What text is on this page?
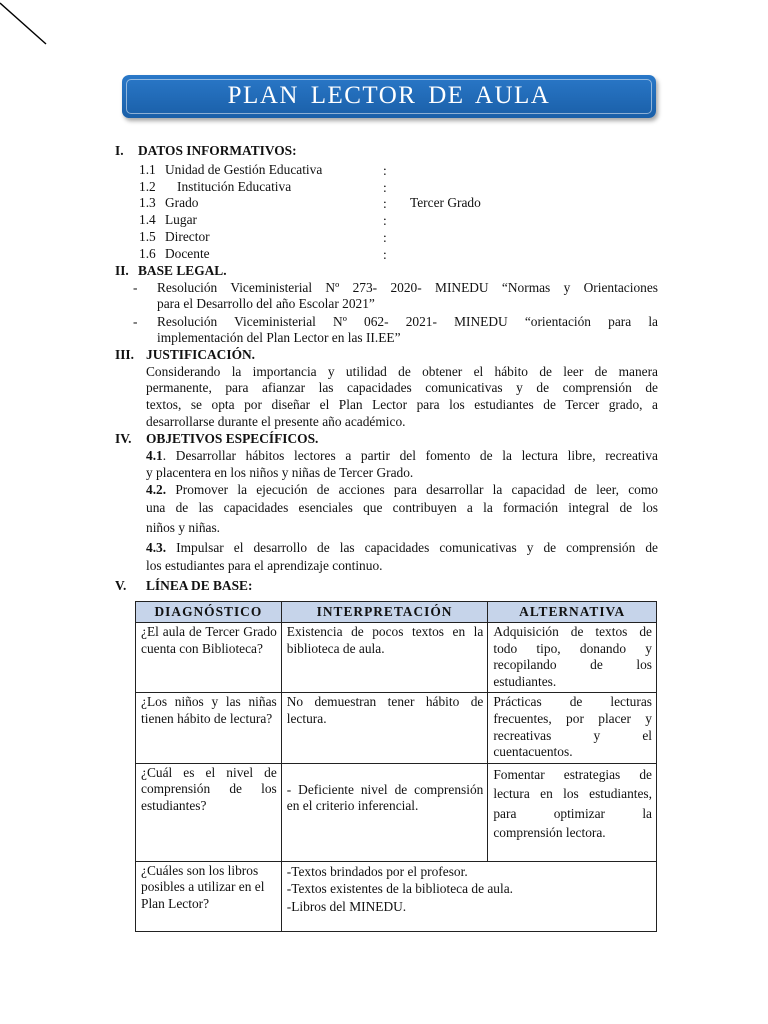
PLAN LECTOR DE AULA
I. DATOS INFORMATIVOS:
1.1 Unidad de Gestión Educativa	:
1.2 Institución Educativa	:
1.3 Grado	: Tercer Grado
1.4 Lugar	:
1.5 Director	:
1.6 Docente	:
II. BASE LEGAL.
- Resolución Viceministerial Nº 273- 2020- MINEDU “Normas y Orientaciones
para el Desarrollo del año Escolar 2021”
- Resolución Viceministerial Nº 062- 2021- MINEDU “orientación para la
implementación del Plan Lector en las II.EE”
III. JUSTIFICACIÓN.
Considerando la importancia y utilidad de obtener el hábito de leer de manera
permanente, para afianzar las capacidades comunicativas y de comprensión de
textos, se opta por diseñar el Plan Lector para los estudiantes de Tercer grado, a
desarrollarse durante el presente año académico.
IV. OBJETIVOS ESPECÍFICOS.
4.1. Desarrollar hábitos lectores a partir del fomento de la lectura libre, recreativa
y placentera en los niños y niñas de Tercer Grado.
4.2. Promover la ejecución de acciones para desarrollar la capacidad de leer, como
una de las capacidades esenciales que contribuyen a la formación integral de los
niños y niñas.
4.3. Impulsar el desarrollo de las capacidades comunicativas y de comprensión de
los estudiantes para el aprendizaje continuo.
V. LÍNEA DE BASE:
DIAGNÓSTICO	INTERPRETACIÓN	ALTERNATIVA
¿El aula de Tercer Grado cuenta con Biblioteca?	Existencia de pocos textos en la biblioteca de aula.	Adquisición de textos de todo tipo, donando y recopilando de los estudiantes.
¿Los niños y las niñas tienen hábito de lectura?	No demuestran tener hábito de lectura.	Prácticas de lecturas frecuentes, por placer y recreativas y el cuentacuentos.
¿Cuál es el nivel de comprensión de los estudiantes?	- Deficiente nivel de comprensión en el criterio inferencial.	Fomentar estrategias de lectura en los estudiantes, para optimizar la comprensión lectora.
¿Cuáles son los libros posibles a utilizar en el Plan Lector?	-Textos brindados por el profesor.
-Textos existentes de la biblioteca de aula.
-Libros del MINEDU.	
